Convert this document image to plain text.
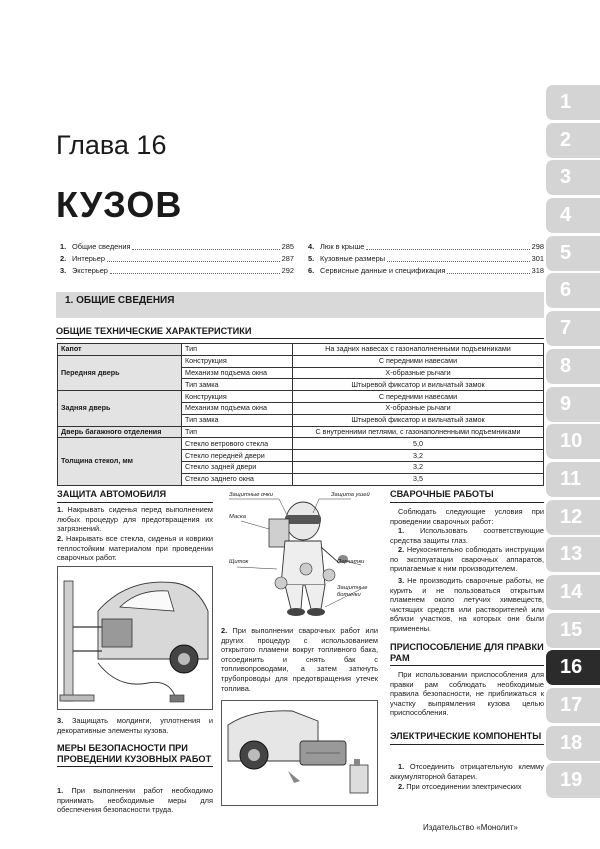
Глава 16
КУЗОВ
1. Общие сведения	285
2. Интерьер	287
3. Экстерьер	292
4. Люк в крыше	298
5. Кузовные размеры	301
6. Сервисные данные и спецификация	318
1. ОБЩИЕ СВЕДЕНИЯ
ОБЩИЕ ТЕХНИЧЕСКИЕ ХАРАКТЕРИСТИКИ
Капот	Тип	На задних навесах с газонаполненными подъемниками
Передняя дверь	Конструкция	С передними навесами
	Механизм подъема окна	Х-образные рычаги
	Тип замка	Штыревой фиксатор и вильчатый замок
Задняя дверь	Конструкция	С передними навесами
	Механизм подъема окна	Х-образные рычаги
	Тип замка	Штыревой фиксатор и вильчатый замок
Дверь багажного отделения	Тип	С внутренними петлями, с газонаполненными подъемниками
Толщина стекол, мм	Стекло ветрового стекла	5,0
	Стекло передней двери	3,2
	Стекло задней двери	3,2
	Стекло заднего окна	3,5
ЗАЩИТА АВТОМОБИЛЯ
1. Накрывать сиденья перед выполнением любых процедур для предотвращения их загрязнений.
2. Накрывать все стекла, сиденья и коврики теплостойким материалом при проведении сварочных работ.
3. Защищать молдинги, уплотнения и декоративные элементы кузова.
МЕРЫ БЕЗОПАСНОСТИ ПРИ ПРОВЕДЕНИИ КУЗОВНЫХ РАБОТ
1. При выполнении работ необходимо принимать необходимые меры для обеспечения безопасности труда.
Защитные очки
Маска
Защита ушей
Щиток	Перчатки
Защитные ботинки
2. При выполнении сварочных работ или других процедур с использованием открытого пламени вокруг топливного бака, отсоединить и снять бак с топливопроводами, а затем заткнуть трубопроводы для предотвращения утечек топлива.
СВАРОЧНЫЕ РАБОТЫ
Соблюдать следующие условия при проведении сварочных работ:
1. Использовать соответствующие средства защиты глаз.
2. Неукоснительно соблюдать инструкции по эксплуатации сварочных аппаратов, прилагаемые к ним производителем.
3. Не производить сварочные работы, не курить и не пользоваться открытым пламенем около летучих химвеществ, чистящих средств или растворителей или вблизи участков, на которых они были применены.
ПРИСПОСОБЛЕНИЕ ДЛЯ ПРАВКИ РАМ
При использовании приспособления для правки рам соблюдать необходимые правила безопасности, не приближаться к участку выпрямления кузова целью приспособления.
ЭЛЕКТРИЧЕСКИЕ КОМПОНЕНТЫ
1. Отсоединить отрицательную клемму аккумуляторной батареи.
2. При отсоединении электрических
Издательство «Монолит»
1
2
3
4
5
6
7
8
9
10
11
12
13
14
15
16
17
18
19
